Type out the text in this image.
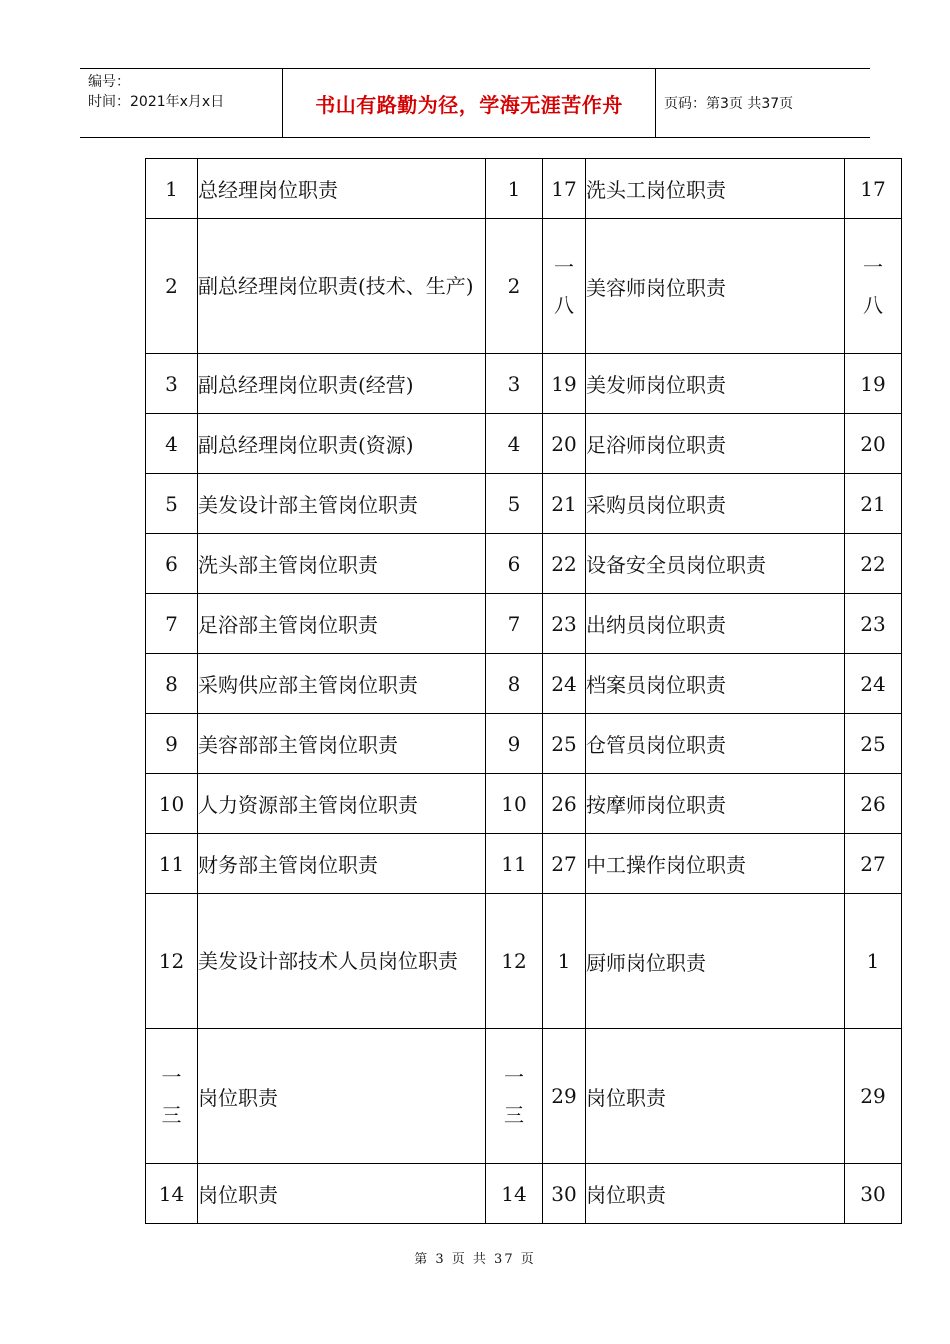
编号：
时间：2021年x月x日	书山有路勤为径，学海无涯苦作舟	页码：第3页 共37页
1	总经理岗位职责	1	17	洗头工岗位职责	17
2	副总经理岗位职责(技术、生产)	2	一八	美容师岗位职责	一八
3	副总经理岗位职责(经营)	3	19	美发师岗位职责	19
4	副总经理岗位职责(资源)	4	20	足浴师岗位职责	20
5	美发设计部主管岗位职责	5	21	采购员岗位职责	21
6	洗头部主管岗位职责	6	22	设备安全员岗位职责	22
7	足浴部主管岗位职责	7	23	出纳员岗位职责	23
8	采购供应部主管岗位职责	8	24	档案员岗位职责	24
9	美容部部主管岗位职责	9	25	仓管员岗位职责	25
10	人力资源部主管岗位职责	10	26	按摩师岗位职责	26
11	财务部主管岗位职责	11	27	中工操作岗位职责	27
12	美发设计部技术人员岗位职责	12	1	厨师岗位职责	1
一三	岗位职责	一三	29	岗位职责	29
14	岗位职责	14	30	岗位职责	30
第 3 页 共 37 页
